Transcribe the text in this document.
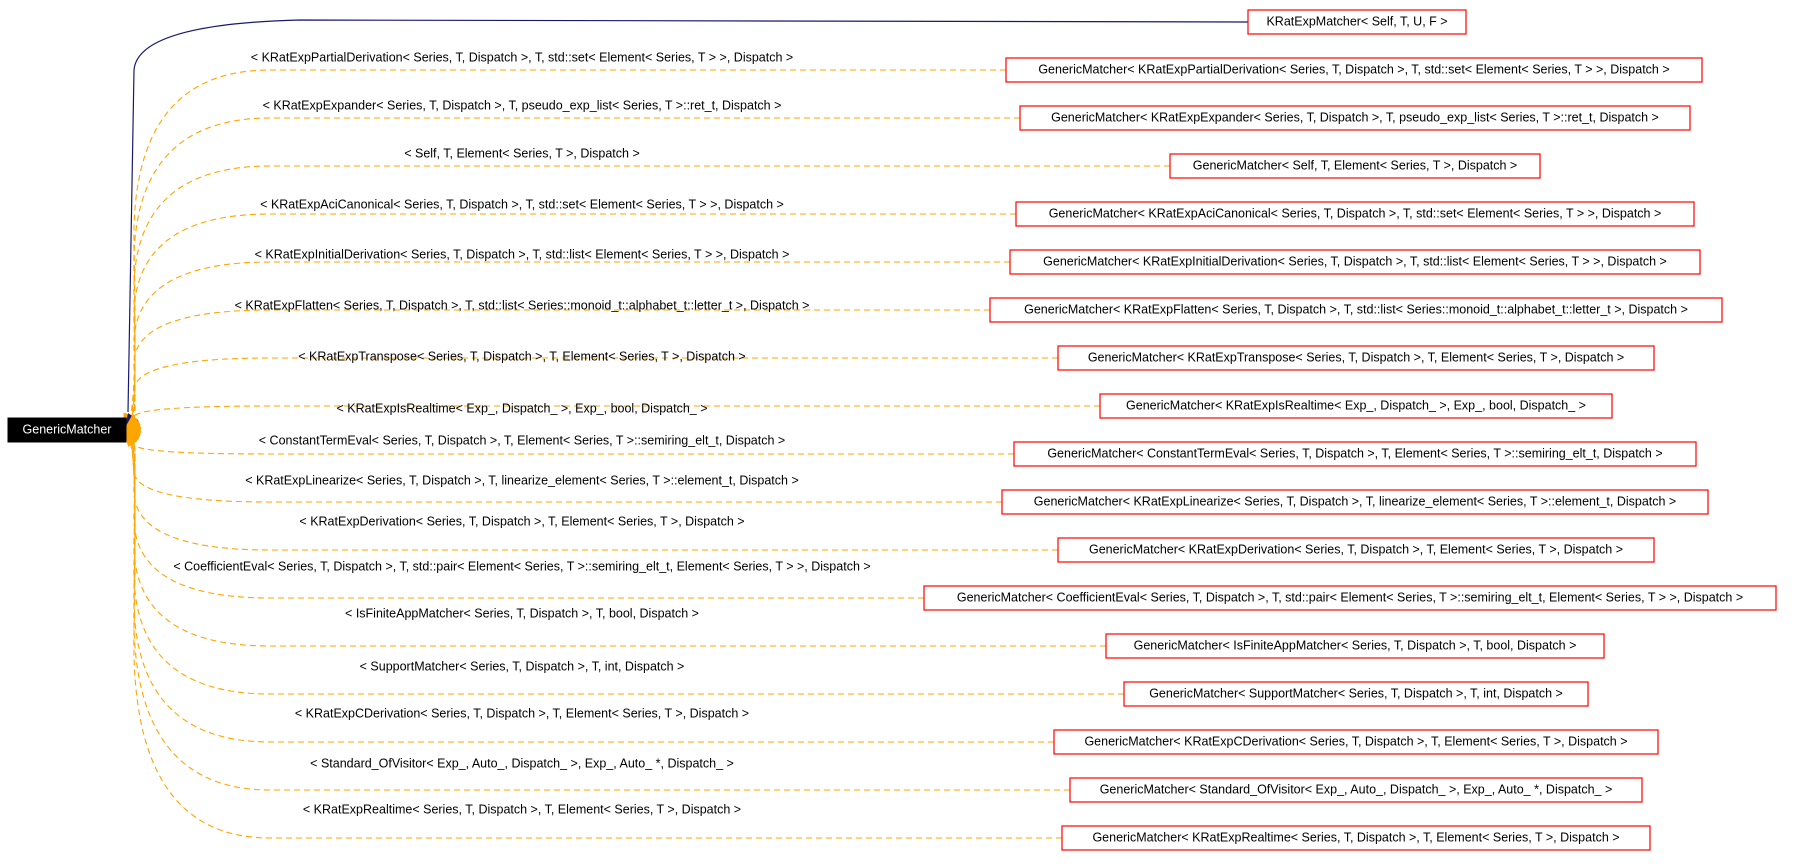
< KRatExpPartialDerivation< Series, T, Dispatch >, T, std::set< Element< Series, T > >, Dispatch >
< KRatExpExpander< Series, T, Dispatch >, T, pseudo_exp_list< Series, T >::ret_t, Dispatch >
< Self, T, Element< Series, T >, Dispatch >
< KRatExpAciCanonical< Series, T, Dispatch >, T, std::set< Element< Series, T > >, Dispatch >
< KRatExpInitialDerivation< Series, T, Dispatch >, T, std::list< Element< Series, T > >, Dispatch >
< KRatExpFlatten< Series, T, Dispatch >, T, std::list< Series::monoid_t::alphabet_t::letter_t >, Dispatch >
< KRatExpTranspose< Series, T, Dispatch >, T, Element< Series, T >, Dispatch >
< KRatExpIsRealtime< Exp_, Dispatch_ >, Exp_, bool, Dispatch_ >
< ConstantTermEval< Series, T, Dispatch >, T, Element< Series, T >::semiring_elt_t, Dispatch >
< KRatExpLinearize< Series, T, Dispatch >, T, linearize_element< Series, T >::element_t, Dispatch >
< KRatExpDerivation< Series, T, Dispatch >, T, Element< Series, T >, Dispatch >
< CoefficientEval< Series, T, Dispatch >, T, std::pair< Element< Series, T >::semiring_elt_t, Element< Series, T > >, Dispatch >
< IsFiniteAppMatcher< Series, T, Dispatch >, T, bool, Dispatch >
< SupportMatcher< Series, T, Dispatch >, T, int, Dispatch >
< KRatExpCDerivation< Series, T, Dispatch >, T, Element< Series, T >, Dispatch >
< Standard_OfVisitor< Exp_, Auto_, Dispatch_ >, Exp_, Auto_ *, Dispatch_ >
< KRatExpRealtime< Series, T, Dispatch >, T, Element< Series, T >, Dispatch >
GenericMatcher< KRatExpPartialDerivation< Series, T, Dispatch >, T, std::set< Element< Series, T > >, Dispatch >
GenericMatcher< KRatExpExpander< Series, T, Dispatch >, T, pseudo_exp_list< Series, T >::ret_t, Dispatch >
GenericMatcher< Self, T, Element< Series, T >, Dispatch >
GenericMatcher< KRatExpAciCanonical< Series, T, Dispatch >, T, std::set< Element< Series, T > >, Dispatch >
GenericMatcher< KRatExpInitialDerivation< Series, T, Dispatch >, T, std::list< Element< Series, T > >, Dispatch >
GenericMatcher< KRatExpFlatten< Series, T, Dispatch >, T, std::list< Series::monoid_t::alphabet_t::letter_t >, Dispatch >
GenericMatcher< KRatExpTranspose< Series, T, Dispatch >, T, Element< Series, T >, Dispatch >
GenericMatcher< KRatExpIsRealtime< Exp_, Dispatch_ >, Exp_, bool, Dispatch_ >
GenericMatcher< ConstantTermEval< Series, T, Dispatch >, T, Element< Series, T >::semiring_elt_t, Dispatch >
GenericMatcher< KRatExpLinearize< Series, T, Dispatch >, T, linearize_element< Series, T >::element_t, Dispatch >
GenericMatcher< KRatExpDerivation< Series, T, Dispatch >, T, Element< Series, T >, Dispatch >
GenericMatcher< CoefficientEval< Series, T, Dispatch >, T, std::pair< Element< Series, T >::semiring_elt_t, Element< Series, T > >, Dispatch >
GenericMatcher< IsFiniteAppMatcher< Series, T, Dispatch >, T, bool, Dispatch >
GenericMatcher< SupportMatcher< Series, T, Dispatch >, T, int, Dispatch >
GenericMatcher< KRatExpCDerivation< Series, T, Dispatch >, T, Element< Series, T >, Dispatch >
GenericMatcher< Standard_OfVisitor< Exp_, Auto_, Dispatch_ >, Exp_, Auto_ *, Dispatch_ >
GenericMatcher< KRatExpRealtime< Series, T, Dispatch >, T, Element< Series, T >, Dispatch >
KRatExpMatcher< Self, T, U, F >
GenericMatcher
